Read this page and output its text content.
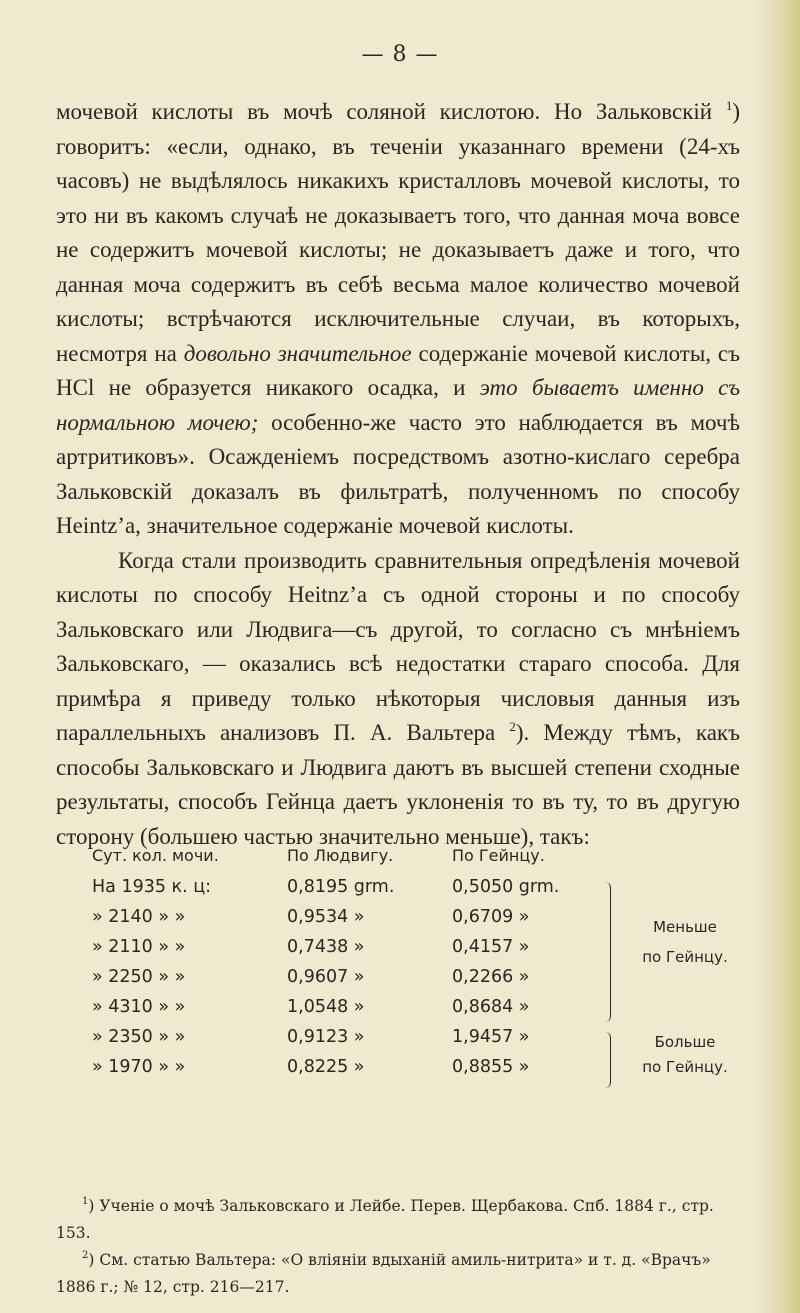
— 8 —

мочевой кислоты въ мочѣ соляной кислотою. Но Зальковскій $^1$) говоритъ: «если, однако, въ теченіи указаннаго времени (24-хъ часовъ) не выдѣлялось никакихъ кристалловъ мочевой кислоты, то это ни въ какомъ случаѣ не доказываетъ того, что данная моча вовсе не содержитъ мочевой кислоты; не доказываетъ даже и того, что данная моча содержитъ въ себѣ весьма малое количество мочевой кислоты; встрѣчаются исключительные случаи, въ которыхъ, несмотря на довольно значительное содержаніе мочевой кислоты, съ HCl не образуется никакого осадка, и это бываетъ именно съ нормальною мочею; особенно-же часто это наблюдается въ мочѣ артритиковъ». Осажденіемъ посредствомъ азотно-кислаго серебра Зальковскій доказалъ въ фильтратѣ, полученномъ по способу Heintz’a, значительное содержаніе мочевой кислоты.

Когда стали производить сравнительныя опредѣленія мочевой кислоты по способу Heitnz’a съ одной стороны и по способу Зальковскаго или Людвига—съ другой, то согласно съ мнѣніемъ Зальковскаго, — оказались всѣ недостатки стараго способа. Для примѣра я приведу только нѣкоторыя числовыя данныя изъ параллельныхъ анализовъ П. А. Вальтера $^2$). Между тѣмъ, какъ способы Зальковскаго и Людвига даютъ въ высшей степени сходные результаты, способъ Гейнца даетъ уклоненія то въ ту, то въ другую сторону (большею частью значительно меньше), такъ:

Сут. кол. мочи.	По Людвигу.	По Гейнцу.
На 1935 к. ц:	0,8195 grm.	0,5050 grm.
» 2140 » »	0,9534 »	0,6709 »
» 2110 » »	0,7438 »	0,4157 »
» 2250 » »	0,9607 »	0,2266 »
» 4310 » »	1,0548 »	0,8684 »
» 2350 » »	0,9123 »	1,9457 »
» 1970 » »	0,8225 »	0,8855 »
Меньше
по Гейнцу.
Больше
по Гейнцу.

$^1$) Ученіе о мочѣ Зальковскаго и Лейбе. Перев. Щербакова. Спб. 1884 г., стр. 153.

$^2$) См. статью Вальтера: «О вліяніи вдыханій амиль-нитрита» и т. д. «Врачъ» 1886 г.; № 12, стр. 216—217.
